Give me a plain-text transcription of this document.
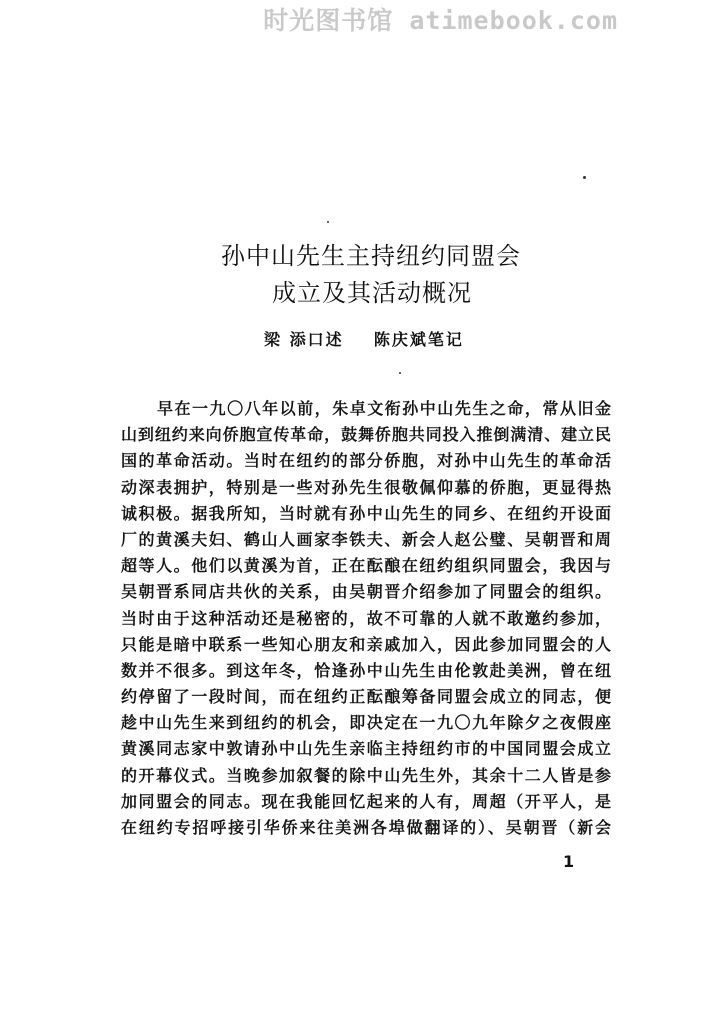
时光图书馆 atimebook.com
孙中山先生主持纽约同盟会
成立及其活动概况
梁 添口述    陈庆斌笔记
早在一九〇八年以前，朱卓文衔孙中山先生之命，常从旧金
山到纽约来向侨胞宣传革命，鼓舞侨胞共同投入推倒满清、建立民
国的革命活动。当时在纽约的部分侨胞，对孙中山先生的革命活
动深表拥护，特别是一些对孙先生很敬佩仰慕的侨胞，更显得热
诚积极。据我所知，当时就有孙中山先生的同乡、在纽约开设面
厂的黄溪夫妇、鹤山人画家李铁夫、新会人赵公璧、吴朝晋和周
超等人。他们以黄溪为首，正在酝酿在纽约组织同盟会，我因与
吴朝晋系同店共伙的关系，由吴朝晋介绍参加了同盟会的组织。
当时由于这种活动还是秘密的，故不可靠的人就不敢邀约参加，
只能是暗中联系一些知心朋友和亲戚加入，因此参加同盟会的人
数并不很多。到这年冬，恰逢孙中山先生由伦敦赴美洲，曾在纽
约停留了一段时间，而在纽约正酝酿筹备同盟会成立的同志，便
趁中山先生来到纽约的机会，即决定在一九〇九年除夕之夜假座
黄溪同志家中敦请孙中山先生亲临主持纽约市的中国同盟会成立
的开幕仪式。当晚参加叙餐的除中山先生外，其余十二人皆是参
加同盟会的同志。现在我能回忆起来的人有，周超（开平人，是
在纽约专招呼接引华侨来往美洲各埠做翻译的）、吴朝晋（新会
1
